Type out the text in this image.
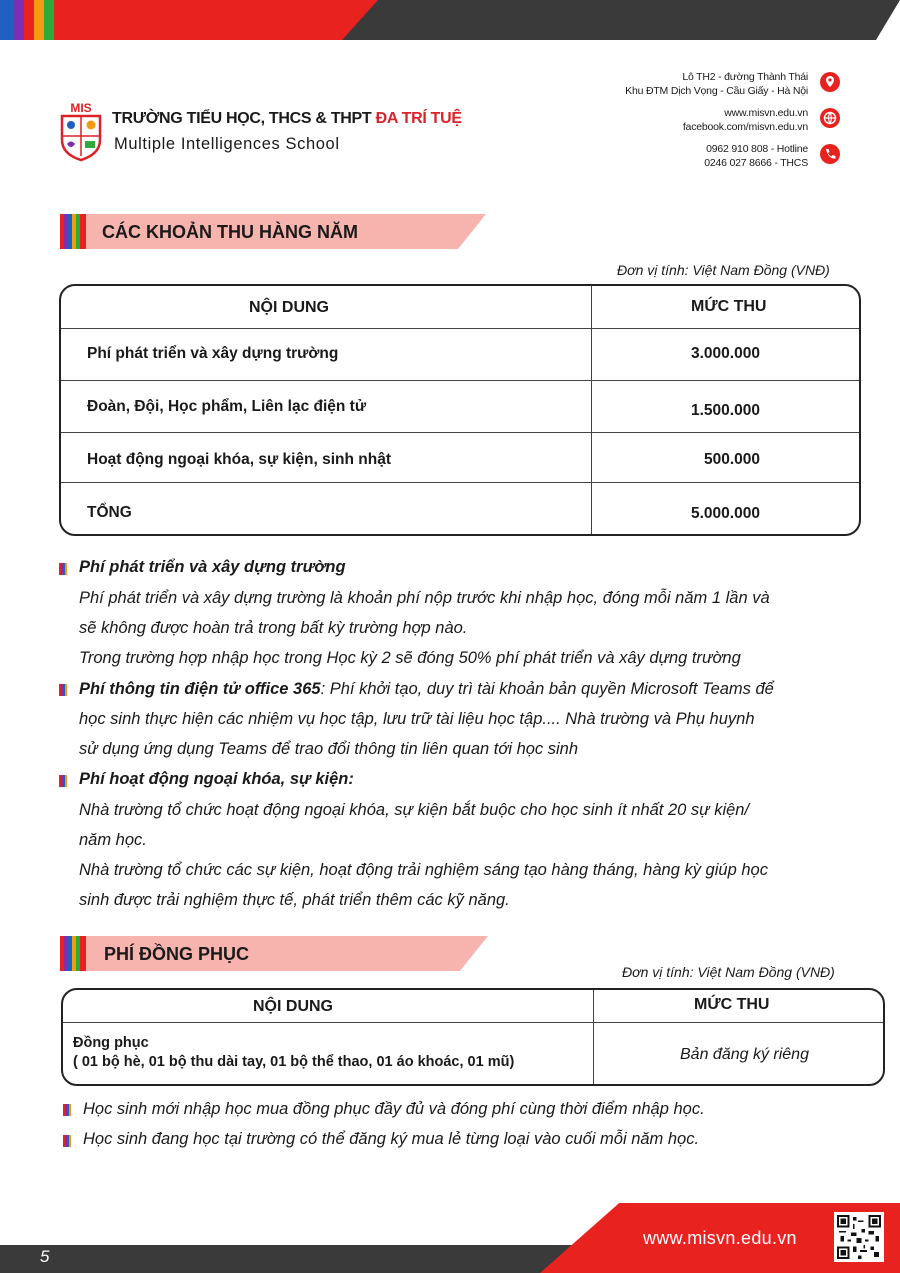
MIS
TRƯỜNG TIỂU HỌC, THCS & THPT ĐA TRÍ TUỆ
Multiple Intelligences School
Lô TH2 - đường Thành Thái
Khu ĐTM Dịch Vọng - Cầu Giấy - Hà Nội
www.misvn.edu.vn
facebook.com/misvn.edu.vn
0962 910 808 - Hotline
0246 027 8666 - THCS
CÁC KHOẢN THU HÀNG NĂM
Đơn vị tính: Việt Nam Đồng (VNĐ)
NỘI DUNG	MỨC THU
Phí phát triển và xây dựng trường	3.000.000
Đoàn, Đội, Học phẩm, Liên lạc điện tử	1.500.000
Hoạt động ngoại khóa, sự kiện, sinh nhật	500.000
TỔNG	5.000.000
Phí phát triển và xây dựng trường
Phí phát triển và xây dựng trường là khoản phí nộp trước khi nhập học, đóng mỗi năm 1 lần và
sẽ không được hoàn trả trong bất kỳ trường hợp nào.
Trong trường hợp nhập học trong Học kỳ 2 sẽ đóng 50% phí phát triển và xây dựng trường
Phí thông tin điện tử office 365: Phí khởi tạo, duy trì tài khoản bản quyền Microsoft Teams để
học sinh thực hiện các nhiệm vụ học tập, lưu trữ tài liệu học tập.... Nhà trường và Phụ huynh
sử dụng ứng dụng Teams để trao đổi thông tin liên quan tới học sinh
Phí hoạt động ngoại khóa, sự kiện:
Nhà trường tổ chức hoạt động ngoại khóa, sự kiện bắt buộc cho học sinh ít nhất 20 sự kiện/
năm học.
Nhà trường tổ chức các sự kiện, hoạt động trải nghiệm sáng tạo hàng tháng, hàng kỳ giúp học
sinh được trải nghiệm thực tế, phát triển thêm các kỹ năng.
PHÍ ĐỒNG PHỤC
Đơn vị tính: Việt Nam Đồng (VNĐ)
NỘI DUNG	MỨC THU
Đồng phục
( 01 bộ hè, 01 bộ thu dài tay, 01 bộ thể thao, 01 áo khoác, 01 mũ)	Bản đăng ký riêng
Học sinh mới nhập học mua đồng phục đầy đủ và đóng phí cùng thời điểm nhập học.
Học sinh đang học tại trường có thể đăng ký mua lẻ từng loại vào cuối mỗi năm học.
www.misvn.edu.vn
5
